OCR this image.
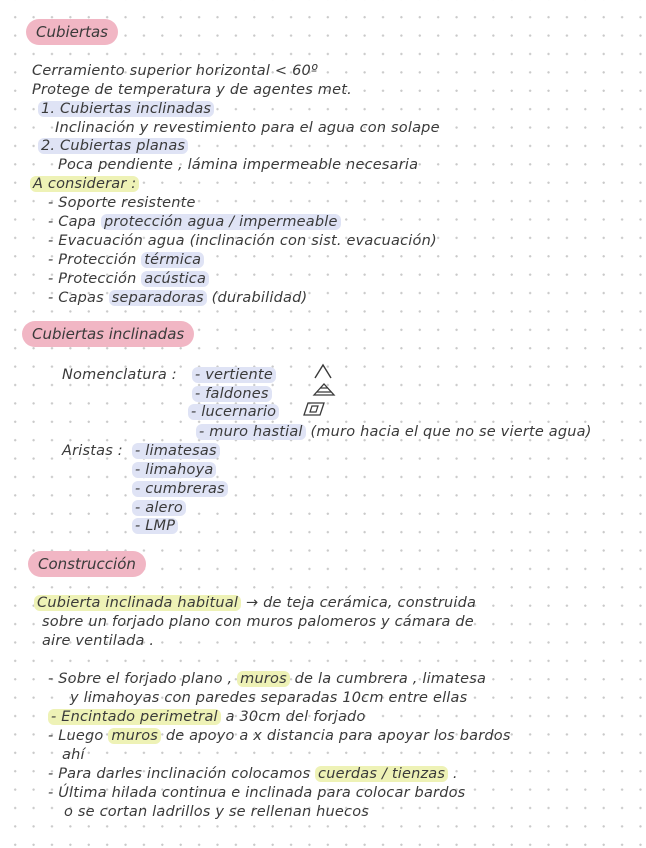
Cubiertas
Cerramiento superior horizontal < 60º
Protege de temperatura y de agentes met.
1. Cubiertas inclinadas
Inclinación y revestimiento para el agua con solape
2. Cubiertas planas
Poca pendiente , lámina impermeable necesaria
A considerar :
- Soporte resistente
- Capa protección agua / impermeable
- Evacuación agua (inclinación con sist. evacuación)
- Protección térmica
- Protección acústica
- Capas separadoras (durabilidad)
Cubiertas inclinadas
Nomenclatura : - vertiente
- faldones
- lucernario
- muro hastial (muro hacia el que no se vierte agua)
Aristas : - limatesas
- limahoya
- cumbreras
- alero
- LMP
Construcción
Cubierta inclinada habitual → de teja cerámica, construida
sobre un forjado plano con muros palomeros y cámara de
aire ventilada .
- Sobre el forjado plano , muros de la cumbrera , limatesa
y limahoyas con paredes separadas 10cm entre ellas
- Encintado perimetral a 30cm del forjado
- Luego muros de apoyo a x distancia para apoyar los bardos
ahí
- Para darles inclinación colocamos cuerdas / tienzas .
- Última hilada continua e inclinada para colocar bardos
o se cortan ladrillos y se rellenan huecos
